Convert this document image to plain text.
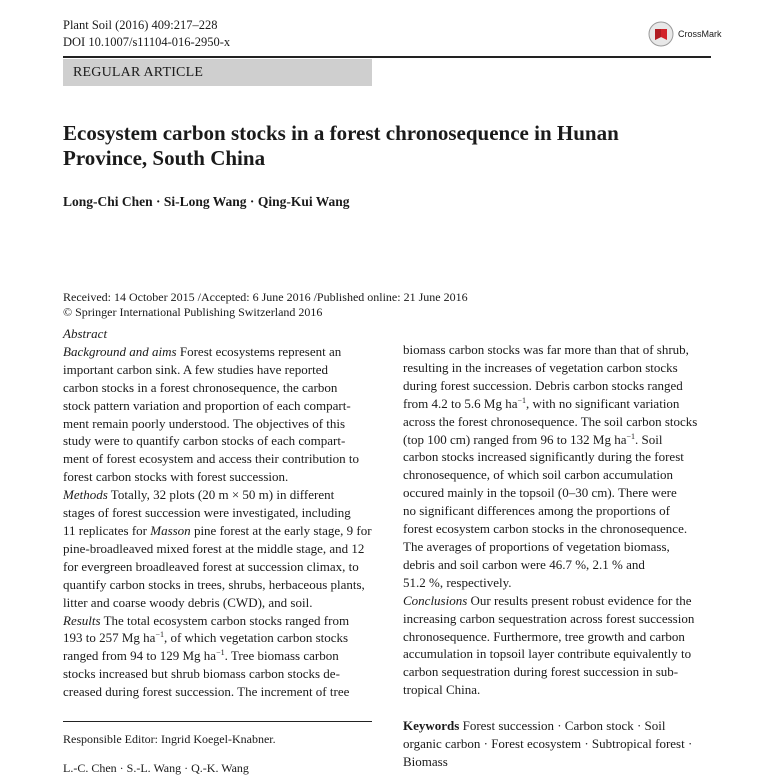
Plant Soil (2016) 409:217–228
DOI 10.1007/s11104-016-2950-x
CrossMark
REGULAR ARTICLE
Ecosystem carbon stocks in a forest chronosequence in Hunan
Province, South China
Long-Chi Chen · Si-Long Wang · Qing-Kui Wang
Received: 14 October 2015 /Accepted: 6 June 2016 /Published online: 21 June 2016
© Springer International Publishing Switzerland 2016
Abstract
Background and aims Forest ecosystems represent an
important carbon sink. A few studies have reported
carbon stocks in a forest chronosequence, the carbon
stock pattern variation and proportion of each compart-
ment remain poorly understood. The objectives of this
study were to quantify carbon stocks of each compart-
ment of forest ecosystem and access their contribution to
forest carbon stocks with forest succession.
Methods Totally, 32 plots (20 m × 50 m) in different
stages of forest succession were investigated, including
11 replicates for Masson pine forest at the early stage, 9 for
pine-broadleaved mixed forest at the middle stage, and 12
for evergreen broadleaved forest at succession climax, to
quantify carbon stocks in trees, shrubs, herbaceous plants,
litter and coarse woody debris (CWD), and soil.
Results The total ecosystem carbon stocks ranged from
193 to 257 Mg $ha^{-1}$, of which vegetation carbon stocks
ranged from 94 to 129 Mg $ha^{-1}$. Tree biomass carbon
stocks increased but shrub biomass carbon stocks de-
creased during forest succession. The increment of tree
biomass carbon stocks was far more than that of shrub,
resulting in the increases of vegetation carbon stocks
during forest succession. Debris carbon stocks ranged
from 4.2 to 5.6 Mg $ha^{-1}$, with no significant variation
across the forest chronosequence. The soil carbon stocks
(top 100 cm) ranged from 96 to 132 Mg $ha^{-1}$. Soil
carbon stocks increased significantly during the forest
chronosequence, of which soil carbon accumulation
occured mainly in the topsoil (0–30 cm). There were
no significant differences among the proportions of
forest ecosystem carbon stocks in the chronosequence.
The averages of proportions of vegetation biomass,
debris and soil carbon were 46.7 %, 2.1 % and
51.2 %, respectively.
Conclusions Our results present robust evidence for the
increasing carbon sequestration across forest succession
chronosequence. Furthermore, tree growth and carbon
accumulation in topsoil layer contribute equivalently to
carbon sequestration during forest succession in sub-
tropical China.
Keywords Forest succession · Carbon stock · Soil
organic carbon · Forest ecosystem · Subtropical forest ·
Biomass
Responsible Editor: Ingrid Koegel-Knabner.
L.-C. Chen · S.-L. Wang · Q.-K. Wang
